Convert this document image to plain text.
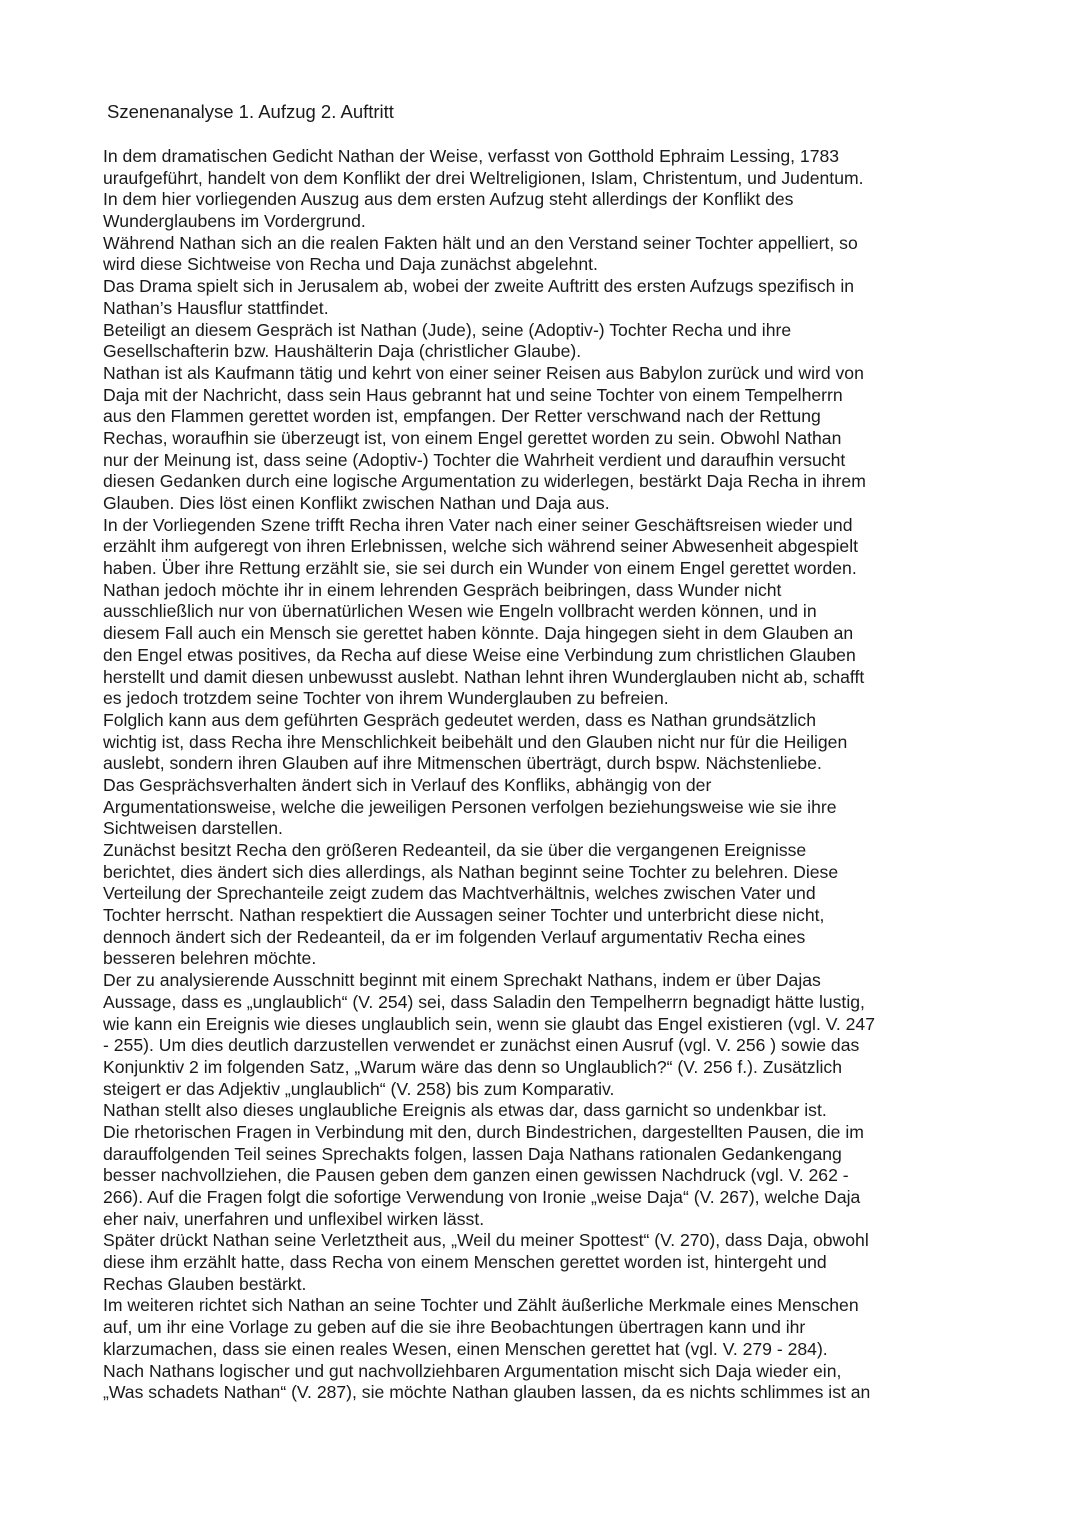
Szenenanalyse 1. Aufzug 2. Auftritt
In dem dramatischen Gedicht Nathan der Weise, verfasst von Gotthold Ephraim Lessing, 1783
uraufgeführt, handelt von dem Konflikt der drei Weltreligionen, Islam, Christentum, und Judentum.
In dem hier vorliegenden Auszug aus dem ersten Aufzug steht allerdings der Konflikt des
Wunderglaubens im Vordergrund.
Während Nathan sich an die realen Fakten hält und an den Verstand seiner Tochter appelliert, so
wird diese Sichtweise von Recha und Daja zunächst abgelehnt.
Das Drama spielt sich in Jerusalem ab, wobei der zweite Auftritt des ersten Aufzugs spezifisch in
Nathan’s Hausflur stattfindet.
Beteiligt an diesem Gespräch ist Nathan (Jude), seine (Adoptiv-) Tochter Recha und ihre
Gesellschafterin bzw. Haushälterin Daja (christlicher Glaube).
Nathan ist als Kaufmann tätig und kehrt von einer seiner Reisen aus Babylon zurück und wird von
Daja mit der Nachricht, dass sein Haus gebrannt hat und seine Tochter von einem Tempelherrn
aus den Flammen gerettet worden ist, empfangen. Der Retter verschwand nach der Rettung
Rechas, woraufhin sie überzeugt ist, von einem Engel gerettet worden zu sein. Obwohl Nathan
nur der Meinung ist, dass seine (Adoptiv-) Tochter die Wahrheit verdient und daraufhin versucht
diesen Gedanken durch eine logische Argumentation zu widerlegen, bestärkt Daja Recha in ihrem
Glauben. Dies löst einen Konflikt zwischen Nathan und Daja aus.
In der Vorliegenden Szene trifft Recha ihren Vater nach einer seiner Geschäftsreisen wieder und
erzählt ihm aufgeregt von ihren Erlebnissen, welche sich während seiner Abwesenheit abgespielt
haben. Über ihre Rettung erzählt sie, sie sei durch ein Wunder von einem Engel gerettet worden.
Nathan jedoch möchte ihr in einem lehrenden Gespräch beibringen, dass Wunder nicht
ausschließlich nur von übernatürlichen Wesen wie Engeln vollbracht werden können, und in
diesem Fall auch ein Mensch sie gerettet haben könnte. Daja hingegen sieht in dem Glauben an
den Engel etwas positives, da Recha auf diese Weise eine Verbindung zum christlichen Glauben
herstellt und damit diesen unbewusst auslebt. Nathan lehnt ihren Wunderglauben nicht ab, schafft
es jedoch trotzdem seine Tochter von ihrem Wunderglauben zu befreien.
Folglich kann aus dem geführten Gespräch gedeutet werden, dass es Nathan grundsätzlich
wichtig ist, dass Recha ihre Menschlichkeit beibehält und den Glauben nicht nur für die Heiligen
auslebt, sondern ihren Glauben auf ihre Mitmenschen überträgt, durch bspw. Nächstenliebe.
Das Gesprächsverhalten ändert sich in Verlauf des Konfliks, abhängig von der
Argumentationsweise, welche die jeweiligen Personen verfolgen beziehungsweise wie sie ihre
Sichtweisen darstellen.
Zunächst besitzt Recha den größeren Redeanteil, da sie über die vergangenen Ereignisse
berichtet, dies ändert sich dies allerdings, als Nathan beginnt seine Tochter zu belehren. Diese
Verteilung der Sprechanteile zeigt zudem das Machtverhältnis, welches zwischen Vater und
Tochter herrscht. Nathan respektiert die Aussagen seiner Tochter und unterbricht diese nicht,
dennoch ändert sich der Redeanteil, da er im folgenden Verlauf argumentativ Recha eines
besseren belehren möchte.
Der zu analysierende Ausschnitt beginnt mit einem Sprechakt Nathans, indem er über Dajas
Aussage, dass es „unglaublich“ (V. 254) sei, dass Saladin den Tempelherrn begnadigt hätte lustig,
wie kann ein Ereignis wie dieses unglaublich sein, wenn sie glaubt das Engel existieren (vgl. V. 247
- 255). Um dies deutlich darzustellen verwendet er zunächst einen Ausruf (vgl. V. 256 ) sowie das
Konjunktiv 2 im folgenden Satz, „Warum wäre das denn so Unglaublich?“ (V. 256 f.). Zusätzlich
steigert er das Adjektiv „unglaublich“ (V. 258) bis zum Komparativ.
Nathan stellt also dieses unglaubliche Ereignis als etwas dar, dass garnicht so undenkbar ist.
Die rhetorischen Fragen in Verbindung mit den, durch Bindestrichen, dargestellten Pausen, die im
darauffolgenden Teil seines Sprechakts folgen, lassen Daja Nathans rationalen Gedankengang
besser nachvollziehen, die Pausen geben dem ganzen einen gewissen Nachdruck (vgl. V. 262 -
266). Auf die Fragen folgt die sofortige Verwendung von Ironie „weise Daja“ (V. 267), welche Daja
eher naiv, unerfahren und unflexibel wirken lässt.
Später drückt Nathan seine Verletztheit aus, „Weil du meiner Spottest“ (V. 270), dass Daja, obwohl
diese ihm erzählt hatte, dass Recha von einem Menschen gerettet worden ist, hintergeht und
Rechas Glauben bestärkt.
Im weiteren richtet sich Nathan an seine Tochter und Zählt äußerliche Merkmale eines Menschen
auf, um ihr eine Vorlage zu geben auf die sie ihre Beobachtungen übertragen kann und ihr
klarzumachen, dass sie einen reales Wesen, einen Menschen gerettet hat (vgl. V. 279 - 284).
Nach Nathans logischer und gut nachvollziehbaren Argumentation mischt sich Daja wieder ein,
„Was schadets Nathan“ (V. 287), sie möchte Nathan glauben lassen, da es nichts schlimmes ist an
